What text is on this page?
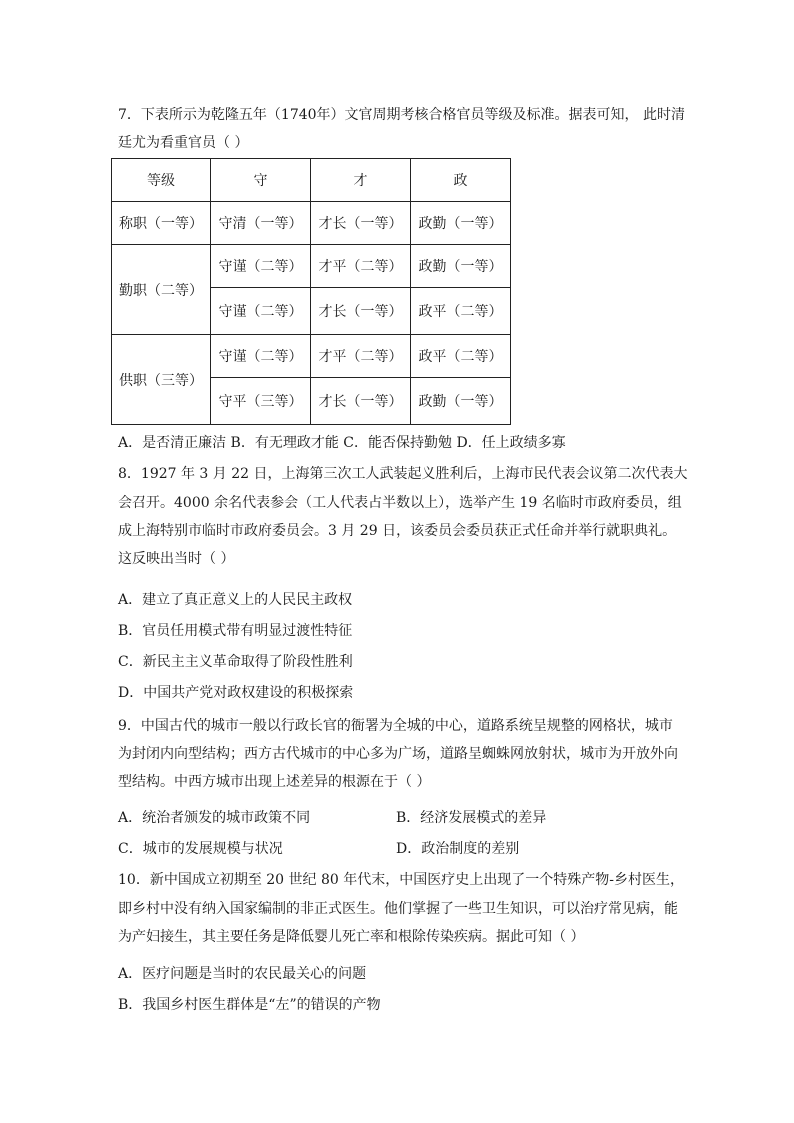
7．下表所示为乾隆五年（1740年）文官周期考核合格官员等级及标准。据表可知， 此时清
廷尤为看重官员（ ）
等级	守	才	政
称职（一等）	守清（一等）	才长（一等）	政勤（一等）
勤职（二等）	守谨（二等）	才平（二等）	政勤（一等）
	守谨（二等）	才长（一等）	政平（二等）
供职（三等）	守谨（二等）	才平（二等）	政平（二等）
	守平（三等）	才长（一等）	政勤（一等）
A．是否清正廉洁 B．有无理政才能 C．能否保持勤勉 D．任上政绩多寡
8．1927 年 3 月 22 日，上海第三次工人武装起义胜利后，上海市民代表会议第二次代表大
会召开。4000 余名代表参会（工人代表占半数以上），选举产生 19 名临时市政府委员，组
成上海特别市临时市政府委员会。3 月 29 日，该委员会委员获正式任命并举行就职典礼。
这反映出当时（ ）
A．建立了真正意义上的人民民主政权
B．官员任用模式带有明显过渡性特征
C．新民主主义革命取得了阶段性胜利
D．中国共产党对政权建设的积极探索
9．中国古代的城市一般以行政长官的衙署为全城的中心，道路系统呈规整的网格状，城市
为封闭内向型结构；西方古代城市的中心多为广场，道路呈蜘蛛网放射状，城市为开放外向
型结构。中西方城市出现上述差异的根源在于（ ）
A．统治者颁发的城市政策不同	B．经济发展模式的差异
C．城市的发展规模与状况	D．政治制度的差别
10．新中国成立初期至 20 世纪 80 年代末，中国医疗史上出现了一个特殊产物-乡村医生，
即乡村中没有纳入国家编制的非正式医生。他们掌握了一些卫生知识，可以治疗常见病，能
为产妇接生，其主要任务是降低婴儿死亡率和根除传染疾病。据此可知（ ）
A．医疗问题是当时的农民最关心的问题
B．我国乡村医生群体是“左”的错误的产物
